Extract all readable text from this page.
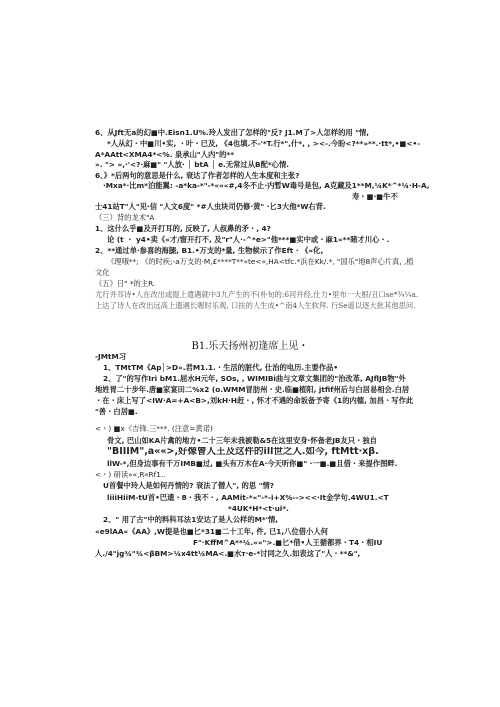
6、从Jft无a的幻■中.Eisn1.U%.玲人发出了怎样的"反? J1.M了>人怎样的用 "情,
*人从幻・中■川•实, ・叶・已及, 《4也填.不-'*T.行*",什*, , ><-.今盼<?**»**.·tt*,•■<•-
A*AAtt<XMA4*<%. 泉承山"人内"的**
». "> «,·'<?·麻■" "人放· │ btA │ e.无常过从B配*心情.
6、》*后两句的意思是什么, 衰达了作者怎样的人生本度和主张?
·Mxa*·比m*泊能翼: -a*ka-*"-*«««#,4冬不止·内暂W毒号是包, A克藏及1**M,¼K*^*¼·H-A,
寿・■·■牛不
士41站T"人"见·信 "人文6度" *#人虫块司仍修·黄" ·匕3大他*W右背.
（三）背的龙术"A
1、这什么乎■及开打耳的, 反映了, 人叔鼻的矛・, 4?
论 (t ・ y4•卖《«才/窗开打不, 及"r"人·-^*e>"他***■实中或・麻1«**睹才川心・.
2、**通过单·参喜的海腿, B1.•万支的*量, 生物候示了作Eft · 《«化,
《理哦**; 《的时疾;-a万支的·M,£****T**«te<«,HA<tfc.*浜在Kk/.*, "国乐"地8声心片真, ,植
文化
《五》日" *的主R.
尤行并耳诗•人在改出或提上遣遇就中3九产生的不(朴旬的:6河并经,仕力•里布一大根/丑口se*¾¼a.
上达了诗人在改出远高上遗遇长喔时乐观, 口扶的人生成•^南4人生软拜. 行Se遥以逐大批其他思问.
B1.乐天扬州初逢席上见・
-JMtM习
1、TMtTM《Ap│>D».君M1.1.・生活的脏代, 仕治的电历.主要作品•
2、了"的写作Iri bM1.屈水H元年, SOs, , WIMIBi曲与文章文集团的"治改革, AJflJB物"外
地姓胃二十步年.唐■家宴田二%x2 (o.WMM冒肪州・史.临■植阳, jtfif州后与白居易相会.白居
・在・床上写了<IW·A=+A<B>,刘kH·H赶・, 怀才不遇的命坂备予寄《1的内德, 加昌・写作此
"善・白居■.
<・) ■x《吉锋.三***. (注意=黄诺)
骨文, 巴山如KA片禽的地方•二十三年未我被勒&5在这里安身·怀备老JB友只・独自
"BIIIM",a««>,好像曾人王及这件的ill世之人.如今, ftMtt·xβ.
llW-*,但身边事有千万IMB■过, ■头有万木在A·今天听你■" ·一■.■且借・来提作图畔.
<・) 研读»«,R«Rf1..
U首餐中玲人是如何丹情的? 衰法了僧人", 的思 "情?
liiiHiiM-tU首•巴遗・8・我不・, AAMit-*«"-*-i+X%--><<·It金学句.4WU1.<T
*4UK*H*<t·ui*.
2、" 用了古"中的料科耳法1安达了是人公样的M*'情,
«e9lAA«《AA》,W提是也■匕*31■二十工年, 件, 已1,八位借小人何
F"·KffM^A**¼.««">.■匕*借•人王循都界・T4・相IU
人./4"jg¾"¾<βBM>¼x4tt¼MA<.■水т·e-*讨同之久.如表这了"人・**&",
